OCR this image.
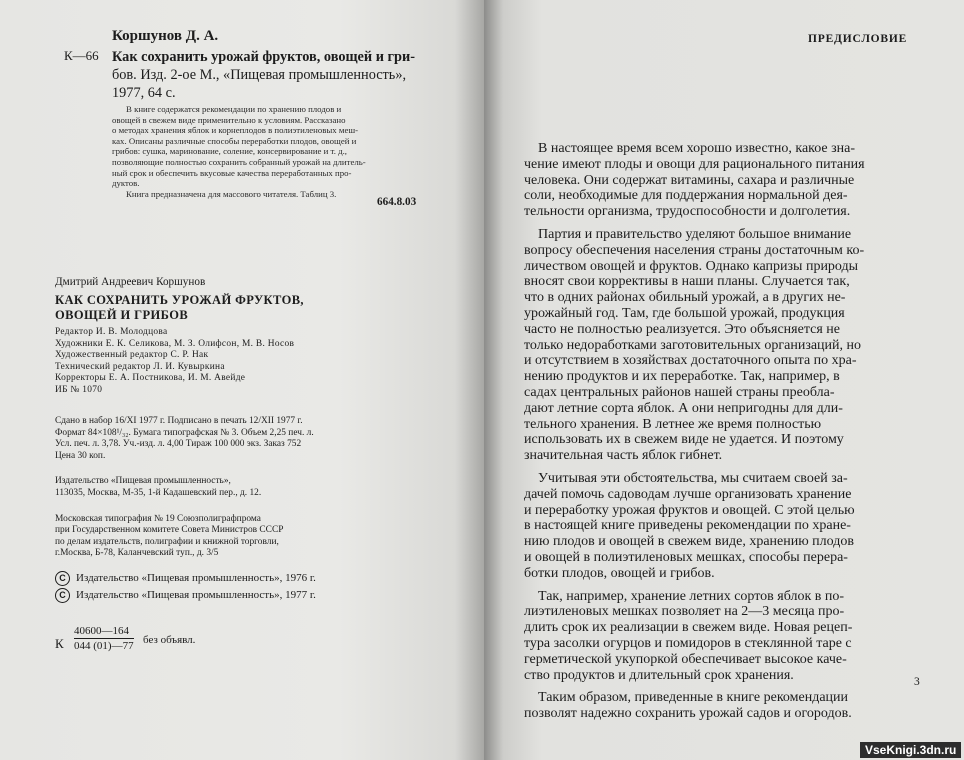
Коршунов Д. А.
К—66 Как сохранить урожай фруктов, овощей и гри-
бов. Изд. 2-ое М., «Пищевая промышленность»,
1977, 64 с.
В книге содержатся рекомендации по хранению плодов и
овощей в свежем виде применительно к условиям. Рассказано
о методах хранения яблок и корнеплодов в полиэтиленовых меш-
ках. Описаны различные способы переработки плодов, овощей и
грибов: сушка, маринование, соление, консервирование и т. д.,
позволяющие полностью сохранить собранный урожай на длитель-
ный срок и обеспечить вкусовые качества переработанных про-
дуктов.
Книга предназначена для массового читателя. Таблиц 3.
664.8.03
Дмитрий Андреевич Коршунов
КАК СОХРАНИТЬ УРОЖАЙ ФРУКТОВ,
ОВОЩЕЙ И ГРИБОВ
Редактор И. В. Молодцова
Художники Е. К. Селикова, М. З. Олифсон, М. В. Носов
Художественный редактор С. Р. Нак
Технический редактор Л. И. Кувыркина
Корректоры Е. А. Постникова, И. М. Авейде
ИБ № 1070
Сдано в набор 16/XI 1977 г. Подписано в печать 12/XII 1977 г.
Формат 84×108¹/₃₂. Бумага типографская № 3. Объем 2,25 печ. л.
Усл. печ. л. 3,78. Уч.-изд. л. 4,00 Тираж 100 000 экз. Заказ 752
Цена 30 коп.
Издательство «Пищевая промышленность»,
113035, Москва, М-35, 1-й Кадашевский пер., д. 12.
Московская типография № 19 Союзполиграфпрома
при Государственном комитете Совета Министров СССР
по делам издательств, полиграфии и книжной торговли,
г.Москва, Б-78, Каланчевский туп., д. 3/5
C Издательство «Пищевая промышленность», 1976 г.
C Издательство «Пищевая промышленность», 1977 г.
К $\frac{40600—164}{044 (01)—77}$ без объявл.
ПРЕДИСЛОВИЕ
В настоящее время всем хорошо известно, какое зна-
чение имеют плоды и овощи для рационального питания
человека. Они содержат витамины, сахара и различные
соли, необходимые для поддержания нормальной дея-
тельности организма, трудоспособности и долголетия.
Партия и правительство уделяют большое внимание
вопросу обеспечения населения страны достаточным ко-
личеством овощей и фруктов. Однако капризы природы
вносят свои коррективы в наши планы. Случается так,
что в одних районах обильный урожай, а в других не-
урожайный год. Там, где большой урожай, продукция
часто не полностью реализуется. Это объясняется не
только недоработками заготовительных организаций, но
и отсутствием в хозяйствах достаточного опыта по хра-
нению продуктов и их переработке. Так, например, в
садах центральных районов нашей страны преобла-
дают летние сорта яблок. А они непригодны для дли-
тельного хранения. В летнее же время полностью
использовать их в свежем виде не удается. И поэтому
значительная часть яблок гибнет.
Учитывая эти обстоятельства, мы считаем своей за-
дачей помочь садоводам лучше организовать хранение
и переработку урожая фруктов и овощей. С этой целью
в настоящей книге приведены рекомендации по хране-
нию плодов и овощей в свежем виде, хранению плодов
и овощей в полиэтиленовых мешках, способы перера-
ботки плодов, овощей и грибов.
Так, например, хранение летних сортов яблок в по-
лиэтиленовых мешках позволяет на 2—3 месяца про-
длить срок их реализации в свежем виде. Новая рецеп-
тура засолки огурцов и помидоров в стеклянной таре с
герметической укупоркой обеспечивает высокое каче-
ство продуктов и длительный срок хранения.
Таким образом, приведенные в книге рекомендации
позволят надежно сохранить урожай садов и огородов.
3
VseKnigi.3dn.ru
